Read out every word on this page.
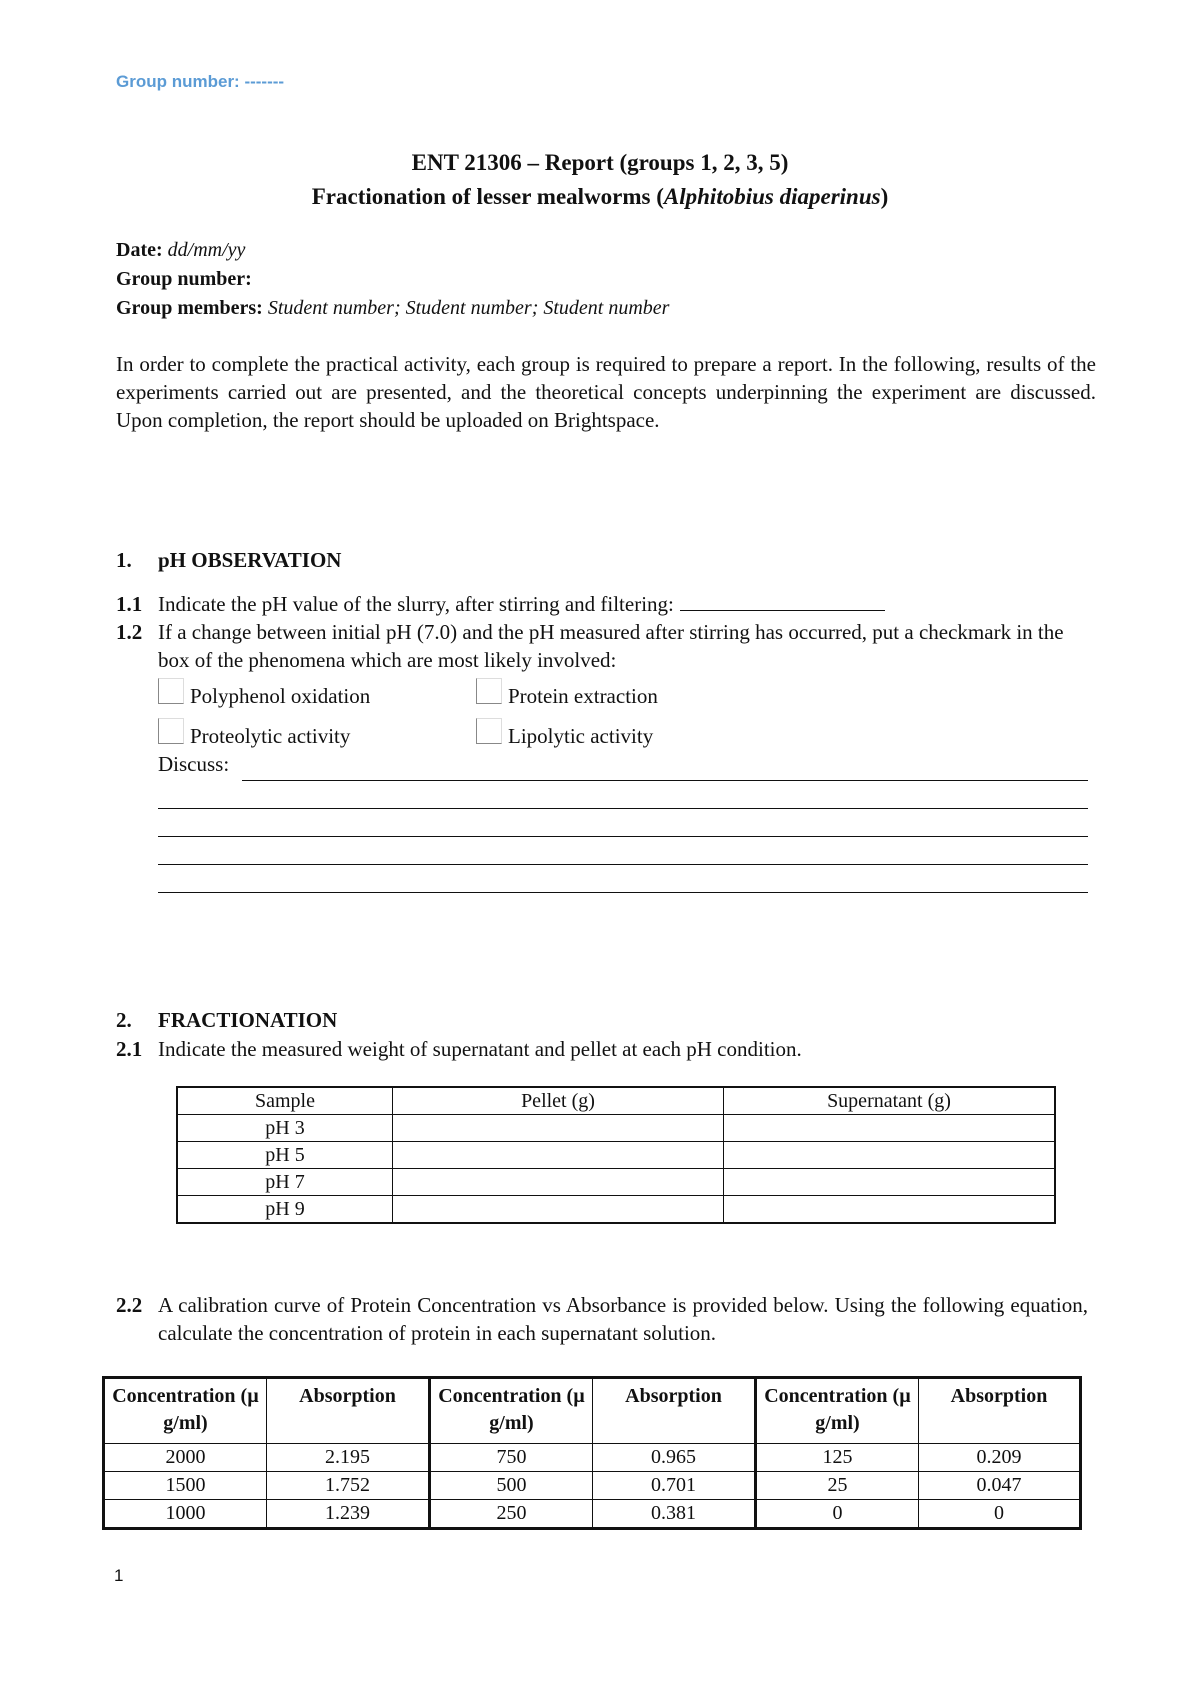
Group number: -------
ENT 21306 – Report (groups 1, 2, 3, 5)
Fractionation of lesser mealworms (Alphitobius diaperinus)
Date: dd/mm/yy
Group number:
Group members: Student number; Student number; Student number
In order to complete the practical activity, each group is required to prepare a report. In the following, results of the experiments carried out are presented, and the theoretical concepts underpinning the experiment are discussed. Upon completion, the report should be uploaded on Brightspace.
1. pH OBSERVATION
1.1 Indicate the pH value of the slurry, after stirring and filtering:
1.2 If a change between initial pH (7.0) and the pH measured after stirring has occurred, put a checkmark in the box of the phenomena which are most likely involved:
Polyphenol oxidation	Protein extraction
Proteolytic activity	Lipolytic activity
Discuss:
2. FRACTIONATION
2.1 Indicate the measured weight of supernatant and pellet at each pH condition.
Sample	Pellet (g)	Supernatant (g)
pH 3		
pH 5		
pH 7		
pH 9		
2.2 A calibration curve of Protein Concentration vs Absorbance is provided below. Using the following equation, calculate the concentration of protein in each supernatant solution.
Concentration (µg/ml)	Absorption	Concentration (µg/ml)	Absorption	Concentration (µg/ml)	Absorption
2000	2.195	750	0.965	125	0.209
1500	1.752	500	0.701	25	0.047
1000	1.239	250	0.381	0	0
1
